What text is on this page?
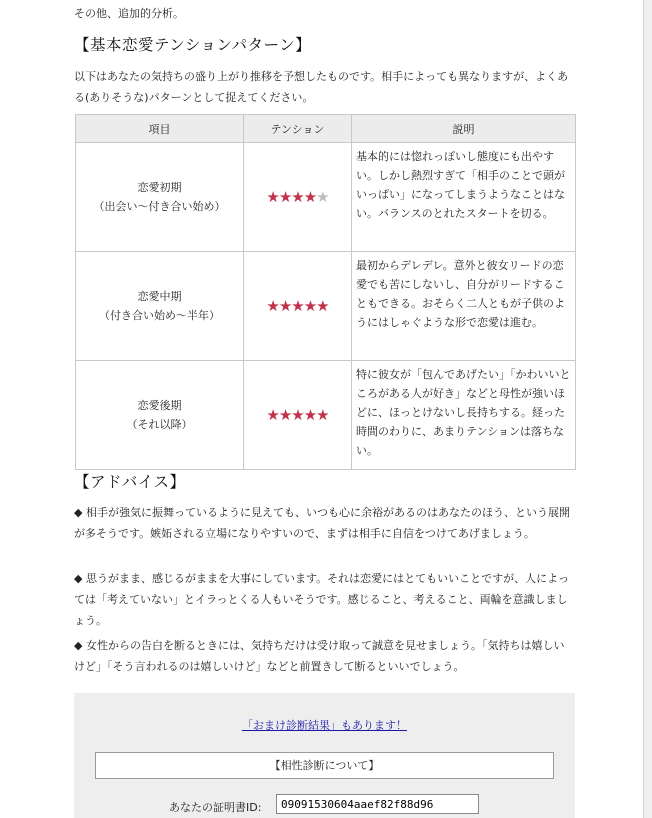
その他、追加的分析。
【基本恋愛テンションパターン】

以下はあなたの気持ちの盛り上がり推移を予想したものです。相手によっても異なりますが、よくある(ありそうな)パターンとして捉えてください。

項目	テンション	説明

恋愛初期
（出会い～付き合い始め）	★★★★★	基本的には惚れっぽいし態度にも出やすい。しかし熱烈すぎて「相手のことで頭がいっぱい」になってしまうようなことはない。バランスのとれたスタートを切る。

恋愛中期
（付き合い始め～半年）	★★★★★	最初からデレデレ。意外と彼女リードの恋愛でも苦にしないし、自分がリードすることもできる。おそらく二人ともが子供のようにはしゃぐような形で恋愛は進む。

恋愛後期
（それ以降）	★★★★★	特に彼女が「包んであげたい」「かわいいところがある人が好き」などと母性が強いほどに、ほっとけないし長持ちする。経った時間のわりに、あまりテンションは落ちない。
【アドバイス】

◆ 相手が強気に振舞っているように見えても、いつも心に余裕があるのはあなたのほう、という展開が多そうです。嫉妬される立場になりやすいので、まずは相手に自信をつけてあげましょう。

◆ 思うがまま、感じるがままを大事にしています。それは恋愛にはとてもいいことですが、人によっては「考えていない」とイラっとくる人もいそうです。感じること、考えること、両輪を意識しましょう。

◆ 女性からの告白を断るときには、気持ちだけは受け取って誠意を見せましょう。「気持ちは嬉しいけど」「そう言われるのは嬉しいけど」などと前置きして断るといいでしょう。

「おまけ診断結果」もあります！
【相性診断について】
あなたの証明書ID:
09091530604aaef82f88d96
